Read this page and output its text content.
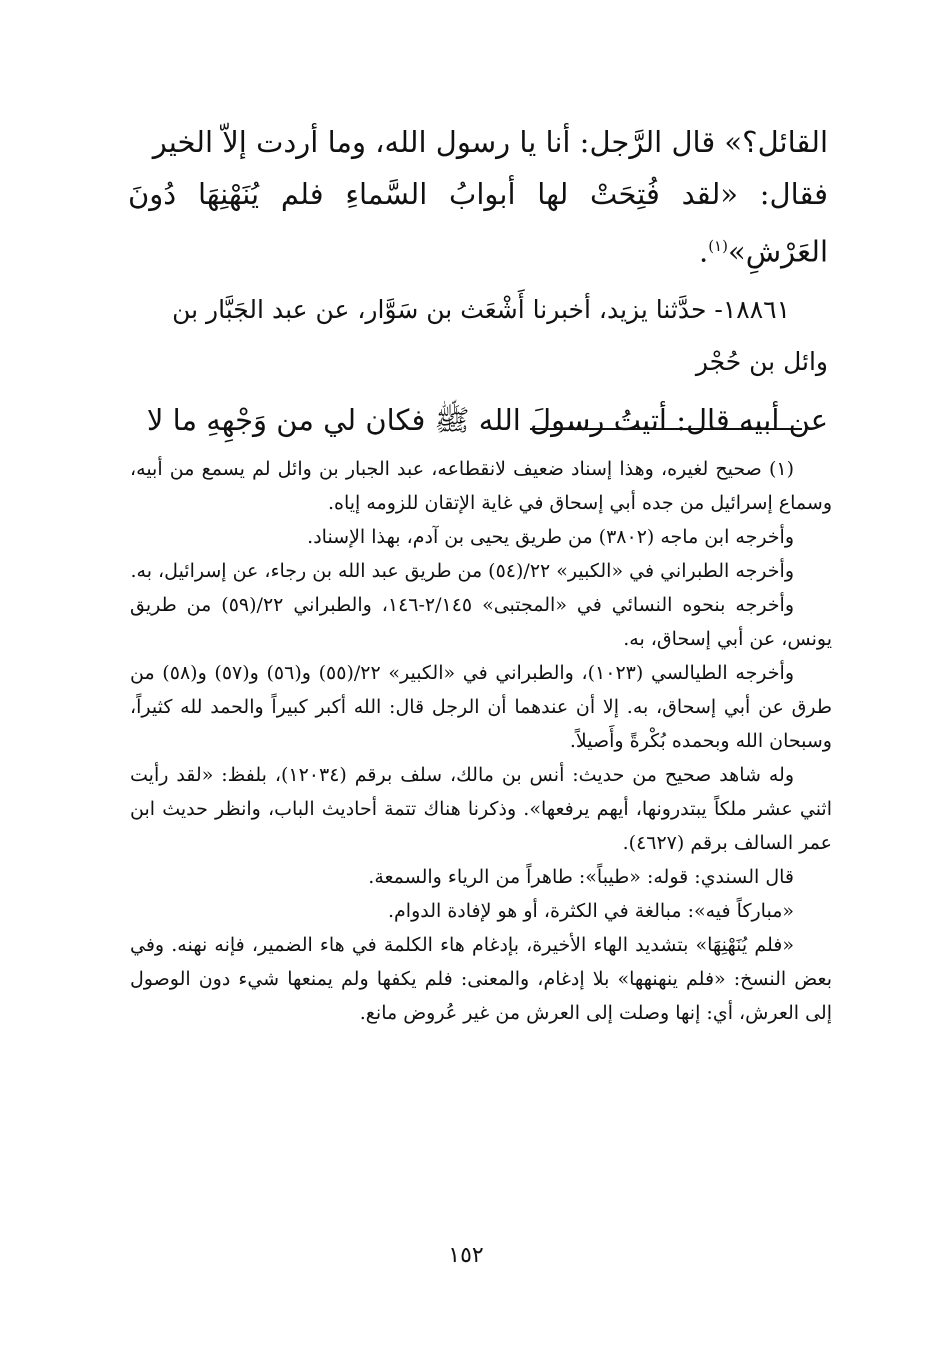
القائل؟» قال الرَّجل: أنا يا رسول الله، وما أردت إلاّ الخير

فقال: «لقد فُتِحَتْ لها أبوابُ السَّماءِ فلم يُنَهْنِهَا دُونَ العَرْشِ»$^{(١)}$.

١٨٨٦١- حدَّثنا يزيد، أخبرنا أَشْعَث بن سَوَّار، عن عبد الجَبَّار بن
وائل بن حُجْر

عن أبيه قال: أتيتُ رسولَ الله ﷺ فكان لي من وَجْهِهِ ما لا

(١) صحيح لغيره، وهذا إسناد ضعيف لانقطاعه، عبد الجبار بن وائل لم يسمع من أبيه، وسماع إسرائيل من جده أبي إسحاق في غاية الإتقان للزومه إياه.

وأخرجه ابن ماجه (٣٨٠٢) من طريق يحيى بن آدم، بهذا الإسناد.

وأخرجه الطبراني في «الكبير» ٢٢/(٥٤) من طريق عبد الله بن رجاء، عن إسرائيل، به.

وأخرجه بنحوه النسائي في «المجتبى» ٢/١٤٥-١٤٦، والطبراني ٢٢/(٥٩) من طريق يونس، عن أبي إسحاق، به.

وأخرجه الطيالسي (١٠٢٣)، والطبراني في «الكبير» ٢٢/(٥٥) و(٥٦) و(٥٧) و(٥٨) من طرق عن أبي إسحاق، به. إلا أن عندهما أن الرجل قال: الله أكبر كبيراً والحمد لله كثيراً، وسبحان الله وبحمده بُكْرةً وأَصيلاً.

وله شاهد صحيح من حديث: أنس بن مالك، سلف برقم (١٢٠٣٤)، بلفظ: «لقد رأيت اثني عشر ملكاً يبتدرونها، أيهم يرفعها». وذكرنا هناك تتمة أحاديث الباب، وانظر حديث ابن عمر السالف برقم (٤٦٢٧).

قال السندي: قوله: «طيباً»: طاهراً من الرياء والسمعة.

«مباركاً فيه»: مبالغة في الكثرة، أو هو لإفادة الدوام.

«فلم يُنَهْنِهَا» بتشديد الهاء الأخيرة، بإدغام هاء الكلمة في هاء الضمير، فإنه نهنه. وفي بعض النسخ: «فلم ينهنهها» بلا إدغام، والمعنى: فلم يكفها ولم يمنعها شيء دون الوصول إلى العرش، أي: إنها وصلت إلى العرش من غير عُروض مانع.

١٥٢
